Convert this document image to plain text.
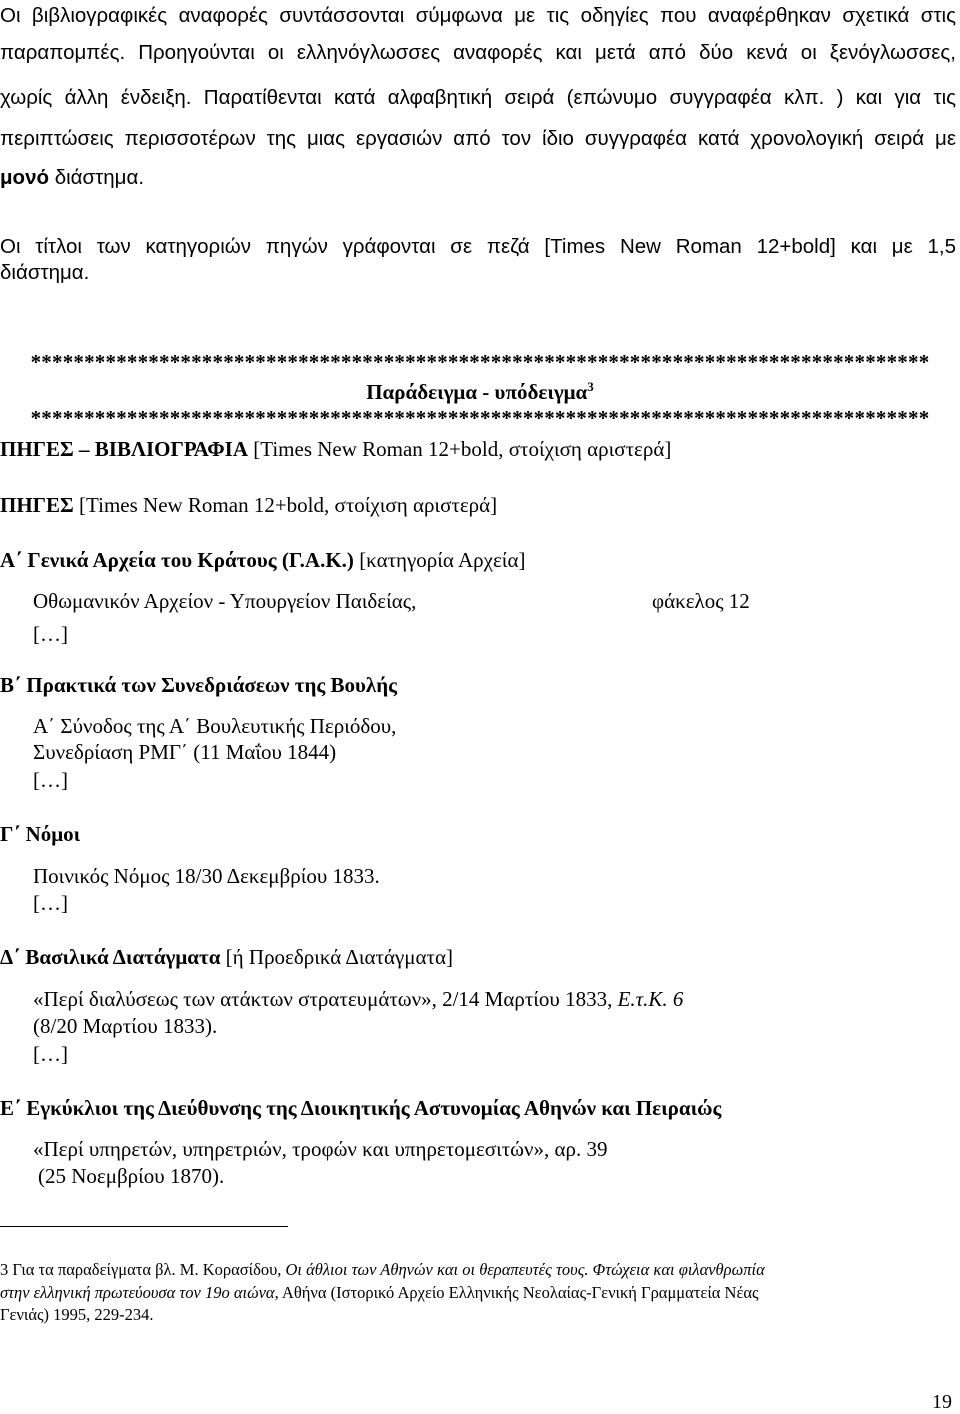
Οι βιβλιογραφικές αναφορές συντάσσονται σύμφωνα με τις οδηγίες που αναφέρθηκαν σχετικά στις
παραπομπές. Προηγούνται οι ελληνόγλωσσες αναφορές και μετά από δύο κενά οι ξενόγλωσσες,
χωρίς άλλη ένδειξη. Παρατίθενται κατά αλφαβητική σειρά (επώνυμο συγγραφέα κλπ. ) και για τις
περιπτώσεις περισσοτέρων της μιας εργασιών από τον ίδιο συγγραφέα κατά χρονολογική σειρά με
μονό διάστημα.
Οι τίτλοι των κατηγοριών πηγών γράφονται σε πεζά [Times New Roman 12+bold] και με 1,5
διάστημα.
************************************************************************************
Παράδειγμα - υπόδειγμα$^3$
************************************************************************************
ΠΗΓΕΣ – ΒΙΒΛΙΟΓΡΑΦΙΑ [Times New Roman 12+bold, στοίχιση αριστερά]
ΠΗΓΕΣ [Times New Roman 12+bold, στοίχιση αριστερά]
Α΄ Γενικά Αρχεία του Κράτους (Γ.Α.Κ.) [κατηγορία Αρχεία]
Οθωμανικόν Αρχείον - Υπουργείον Παιδείας,	φάκελος 12
[…]
Β΄ Πρακτικά των Συνεδριάσεων της Βουλής
Α΄ Σύνοδος της Α΄ Βουλευτικής Περιόδου,
Συνεδρίαση ΡΜΓ΄ (11 Μαΐου 1844)
[…]
Γ΄ Νόμοι
Ποινικός Νόμος 18/30 Δεκεμβρίου 1833.
[…]
Δ΄ Βασιλικά Διατάγματα [ή Προεδρικά Διατάγματα]
«Περί διαλύσεως των ατάκτων στρατευμάτων», 2/14 Μαρτίου 1833, Ε.τ.Κ. 6
(8/20 Μαρτίου 1833).
[…]
Ε΄ Εγκύκλιοι της Διεύθυνσης της Διοικητικής Αστυνομίας Αθηνών και Πειραιώς
«Περί υπηρετών, υπηρετριών, τροφών και υπηρετομεσιτών», αρ. 39
(25 Νοεμβρίου 1870).
3 Για τα παραδείγματα βλ. Μ. Κορασίδου, Οι άθλιοι των Αθηνών και οι θεραπευτές τους. Φτώχεια και φιλανθρωπία
στην ελληνική πρωτεύουσα τον 19ο αιώνα, Αθήνα (Ιστορικό Αρχείο Ελληνικής Νεολαίας-Γενική Γραμματεία Νέας
Γενιάς) 1995, 229-234.
19
